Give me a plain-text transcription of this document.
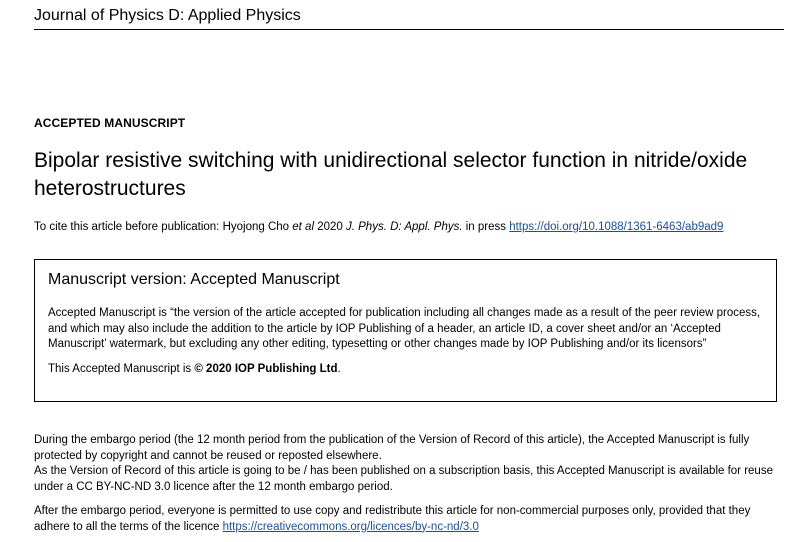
Journal of Physics D: Applied Physics
ACCEPTED MANUSCRIPT
Bipolar resistive switching with unidirectional selector function in nitride/oxide heterostructures
To cite this article before publication: Hyojong Cho et al 2020 J. Phys. D: Appl. Phys. in press https://doi.org/10.1088/1361-6463/ab9ad9
Manuscript version: Accepted Manuscript
Accepted Manuscript is “the version of the article accepted for publication including all changes made as a result of the peer review process, and which may also include the addition to the article by IOP Publishing of a header, an article ID, a cover sheet and/or an ‘Accepted Manuscript’ watermark, but excluding any other editing, typesetting or other changes made by IOP Publishing and/or its licensors”
This Accepted Manuscript is © 2020 IOP Publishing Ltd.

During the embargo period (the 12 month period from the publication of the Version of Record of this article), the Accepted Manuscript is fully protected by copyright and cannot be reused or reposted elsewhere.

As the Version of Record of this article is going to be / has been published on a subscription basis, this Accepted Manuscript is available for reuse under a CC BY-NC-ND 3.0 licence after the 12 month embargo period.

After the embargo period, everyone is permitted to use copy and redistribute this article for non-commercial purposes only, provided that they adhere to all the terms of the licence https://creativecommons.org/licences/by-nc-nd/3.0
